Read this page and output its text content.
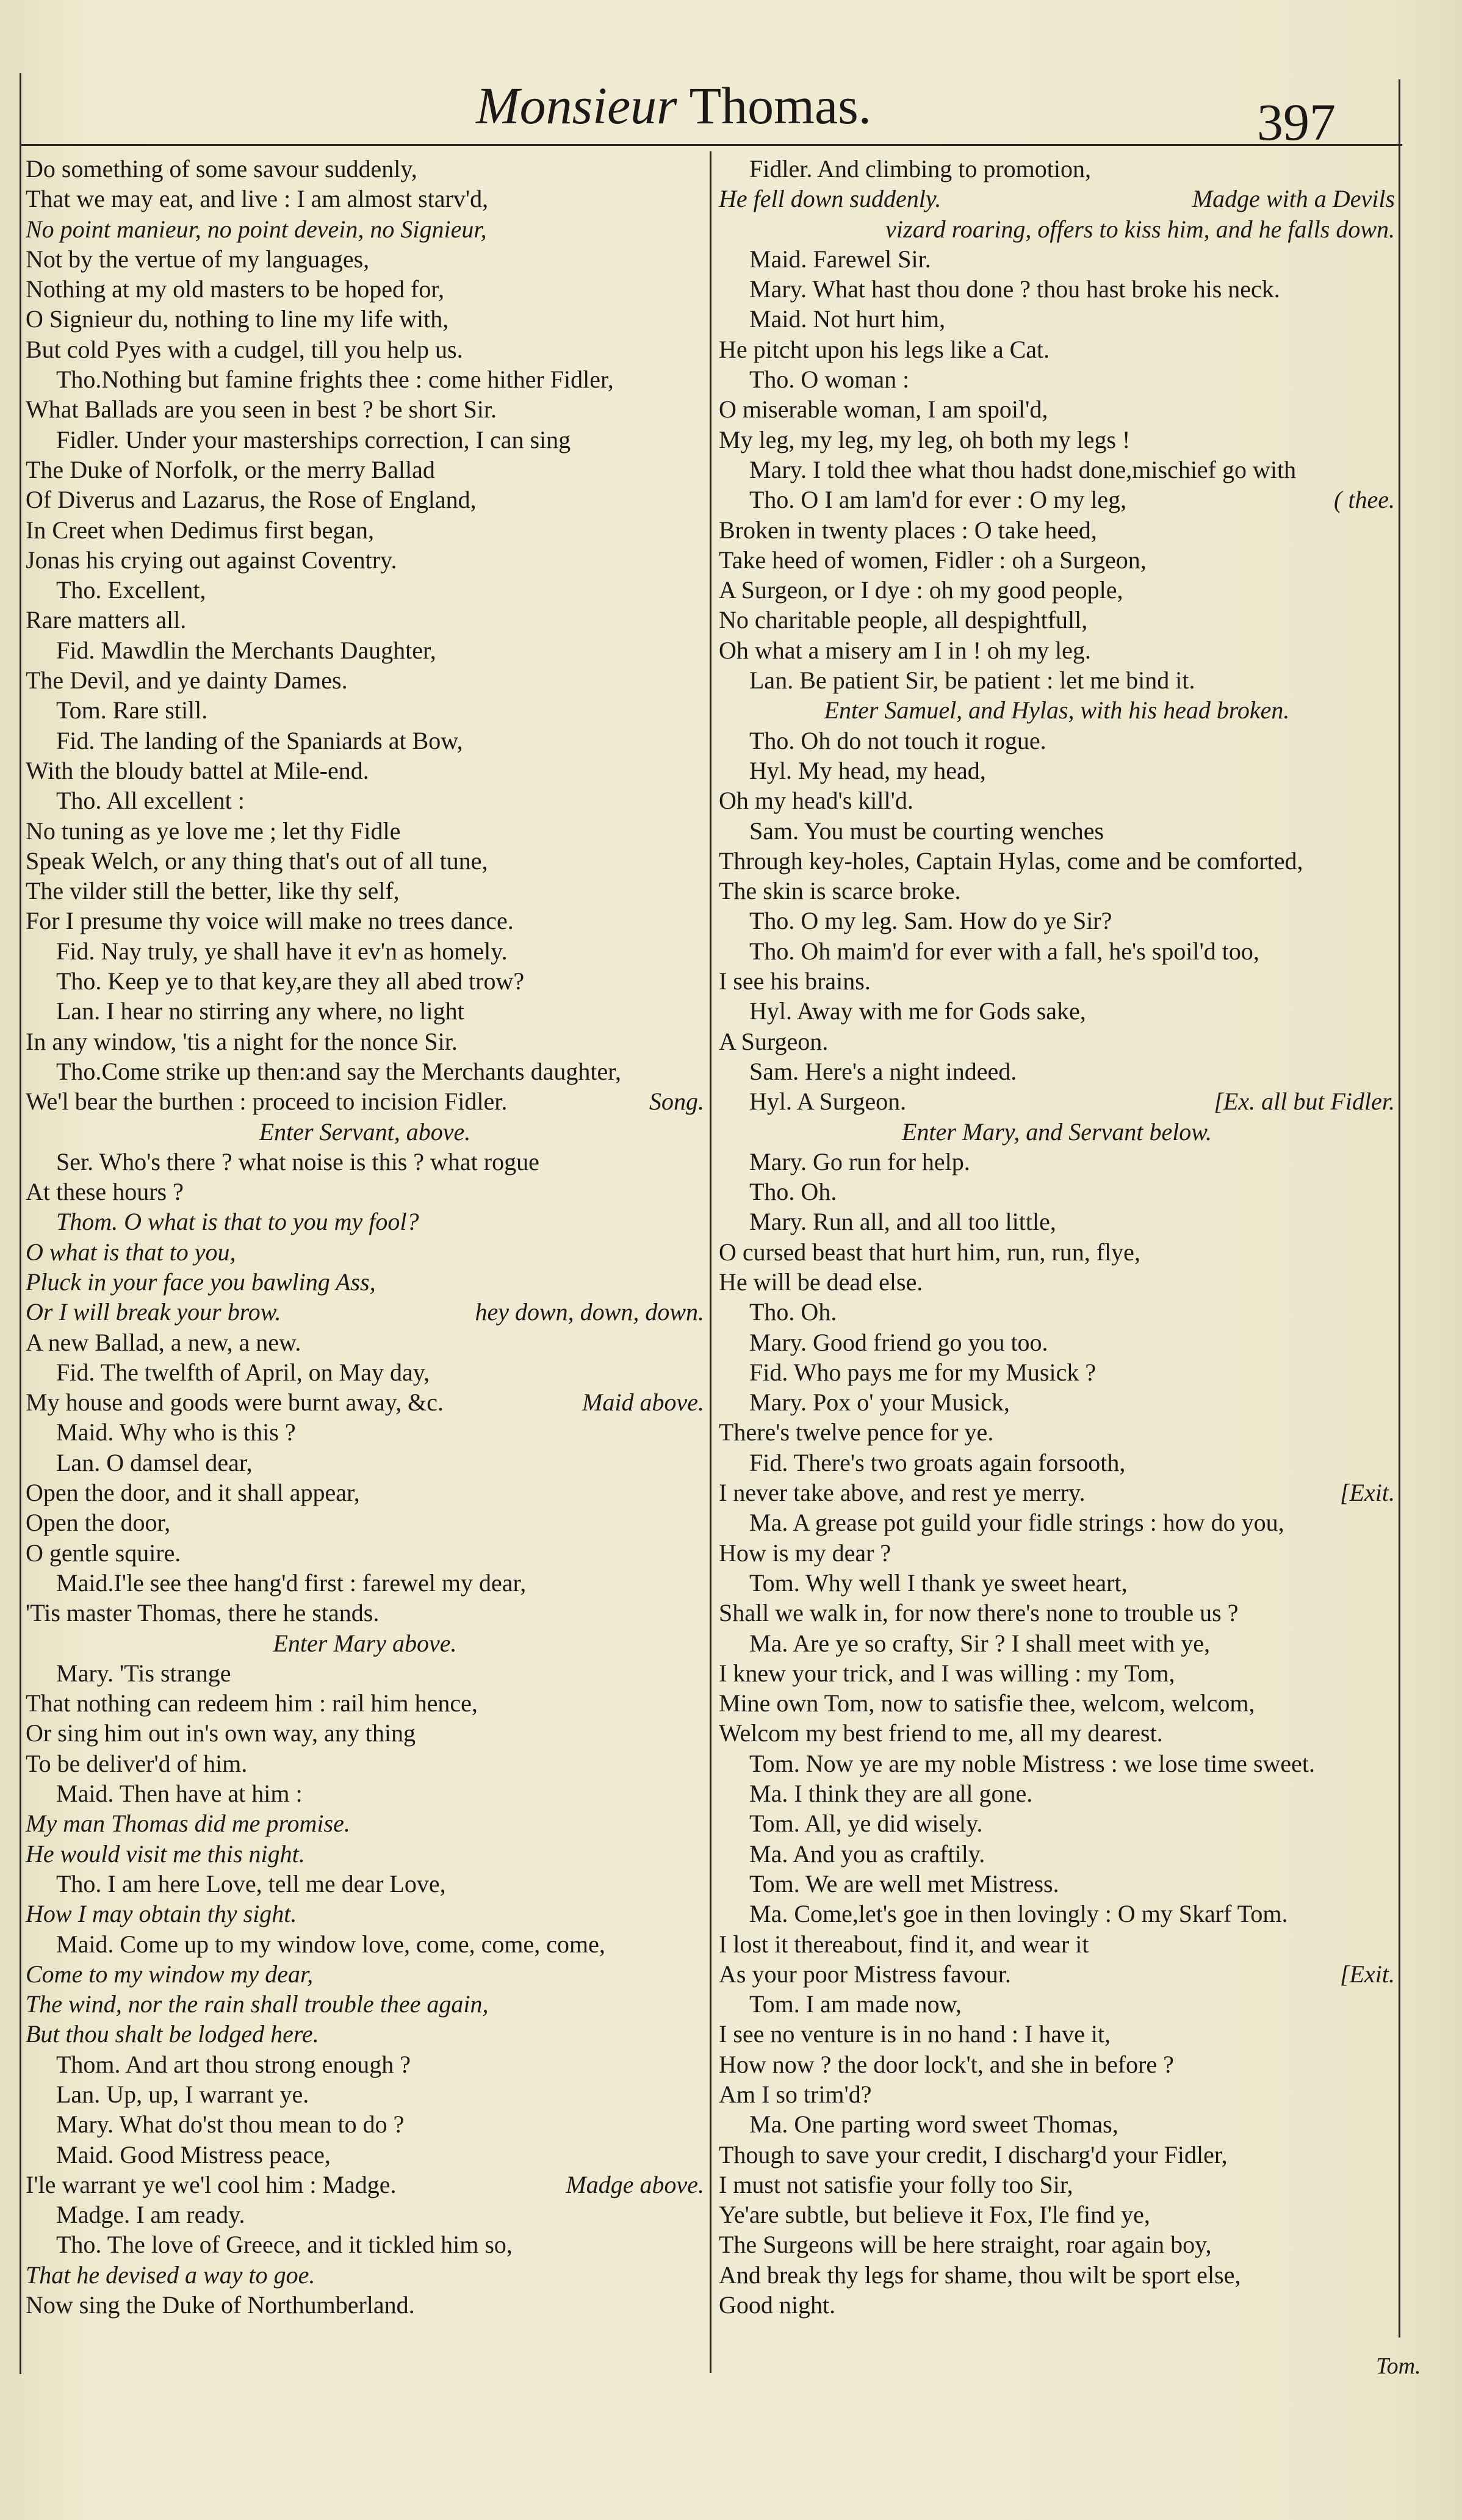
Monsieur Thomas.	397
Do something of some savour suddenly,
That we may eat, and live : I am almost starv'd,
No point manieur, no point devein, no Signieur,
Not by the vertue of my languages,
Nothing at my old masters to be hoped for,
O Signieur du, nothing to line my life with,
But cold Pyes with a cudgel, till you help us.
Tho.Nothing but famine frights thee : come hither Fidler,
What Ballads are you seen in best ? be short Sir.
Fidler. Under your masterships correction, I can sing
The Duke of Norfolk, or the merry Ballad
Of Diverus and Lazarus, the Rose of England,
In Creet when Dedimus first began,
Jonas his crying out against Coventry.
Tho. Excellent,
Rare matters all.
Fid. Mawdlin the Merchants Daughter,
The Devil, and ye dainty Dames.
Tom. Rare still.
Fid. The landing of the Spaniards at Bow,
With the bloudy battel at Mile-end.
Tho. All excellent :
No tuning as ye love me ; let thy Fidle
Speak Welch, or any thing that's out of all tune,
The vilder still the better, like thy self,
For I presume thy voice will make no trees dance.
Fid. Nay truly, ye shall have it ev'n as homely.
Tho. Keep ye to that key,are they all abed trow?
Lan. I hear no stirring any where, no light
In any window, 'tis a night for the nonce Sir.
Tho.Come strike up then:and say the Merchants daughter,
We'l bear the burthen : proceed to incision Fidler.	Song.
Enter Servant, above.
Ser. Who's there ? what noise is this ? what rogue
At these hours ?
Thom. O what is that to you my fool?
O what is that to you,
Pluck in your face you bawling Ass,
Or I will break your brow.	hey down, down, down.
A new Ballad, a new, a new.
Fid. The twelfth of April, on May day,
My house and goods were burnt away, &c.	Maid above.
Maid. Why who is this ?
Lan. O damsel dear,
Open the door, and it shall appear,
Open the door,
O gentle squire.
Maid.I'le see thee hang'd first : farewel my dear,
'Tis master Thomas, there he stands.
Enter Mary above.
Mary. 'Tis strange
That nothing can redeem him : rail him hence,
Or sing him out in's own way, any thing
To be deliver'd of him.
Maid. Then have at him :
My man Thomas did me promise.
He would visit me this night.
Tho. I am here Love, tell me dear Love,
How I may obtain thy sight.
Maid. Come up to my window love, come, come, come,
Come to my window my dear,
The wind, nor the rain shall trouble thee again,
But thou shalt be lodged here.
Thom. And art thou strong enough ?
Lan. Up, up, I warrant ye.
Mary. What do'st thou mean to do ?
Maid. Good Mistress peace,
I'le warrant ye we'l cool him : Madge.	Madge above.
Madge. I am ready.
Tho. The love of Greece, and it tickled him so,
That he devised a way to goe.
Now sing the Duke of Northumberland.
Fidler. And climbing to promotion,
He fell down suddenly.	Madge with a Devils
vizard roaring, offers to kiss him, and he falls down.
Maid. Farewel Sir.
Mary. What hast thou done ? thou hast broke his neck.
Maid. Not hurt him,
He pitcht upon his legs like a Cat.
Tho. O woman :
O miserable woman, I am spoil'd,
My leg, my leg, my leg, oh both my legs !
Mary. I told thee what thou hadst done,mischief go with
Tho. O I am lam'd for ever : O my leg,	( thee.
Broken in twenty places : O take heed,
Take heed of women, Fidler : oh a Surgeon,
A Surgeon, or I dye : oh my good people,
No charitable people, all despightfull,
Oh what a misery am I in ! oh my leg.
Lan. Be patient Sir, be patient : let me bind it.
Enter Samuel, and Hylas, with his head broken.
Tho. Oh do not touch it rogue.
Hyl. My head, my head,
Oh my head's kill'd.
Sam. You must be courting wenches
Through key-holes, Captain Hylas, come and be comforted,
The skin is scarce broke.
Tho. O my leg. Sam. How do ye Sir?
Tho. Oh maim'd for ever with a fall, he's spoil'd too,
I see his brains.
Hyl. Away with me for Gods sake,
A Surgeon.
Sam. Here's a night indeed.
Hyl. A Surgeon.	[Ex. all but Fidler.
Enter Mary, and Servant below.
Mary. Go run for help.
Tho. Oh.
Mary. Run all, and all too little,
O cursed beast that hurt him, run, run, flye,
He will be dead else.
Tho. Oh.
Mary. Good friend go you too.
Fid. Who pays me for my Musick ?
Mary. Pox o' your Musick,
There's twelve pence for ye.
Fid. There's two groats again forsooth,
I never take above, and rest ye merry.	[Exit.
Ma. A grease pot guild your fidle strings : how do you,
How is my dear ?
Tom. Why well I thank ye sweet heart,
Shall we walk in, for now there's none to trouble us ?
Ma. Are ye so crafty, Sir ? I shall meet with ye,
I knew your trick, and I was willing : my Tom,
Mine own Tom, now to satisfie thee, welcom, welcom,
Welcom my best friend to me, all my dearest.
Tom. Now ye are my noble Mistress : we lose time sweet.
Ma. I think they are all gone.
Tom. All, ye did wisely.
Ma. And you as craftily.
Tom. We are well met Mistress.
Ma. Come,let's goe in then lovingly : O my Skarf Tom.
I lost it thereabout, find it, and wear it
As your poor Mistress favour.	[Exit.
Tom. I am made now,
I see no venture is in no hand : I have it,
How now ? the door lock't, and she in before ?
Am I so trim'd?
Ma. One parting word sweet Thomas,
Though to save your credit, I discharg'd your Fidler,
I must not satisfie your folly too Sir,
Ye'are subtle, but believe it Fox, I'le find ye,
The Surgeons will be here straight, roar again boy,
And break thy legs for shame, thou wilt be sport else,
Good night.
Tom.
